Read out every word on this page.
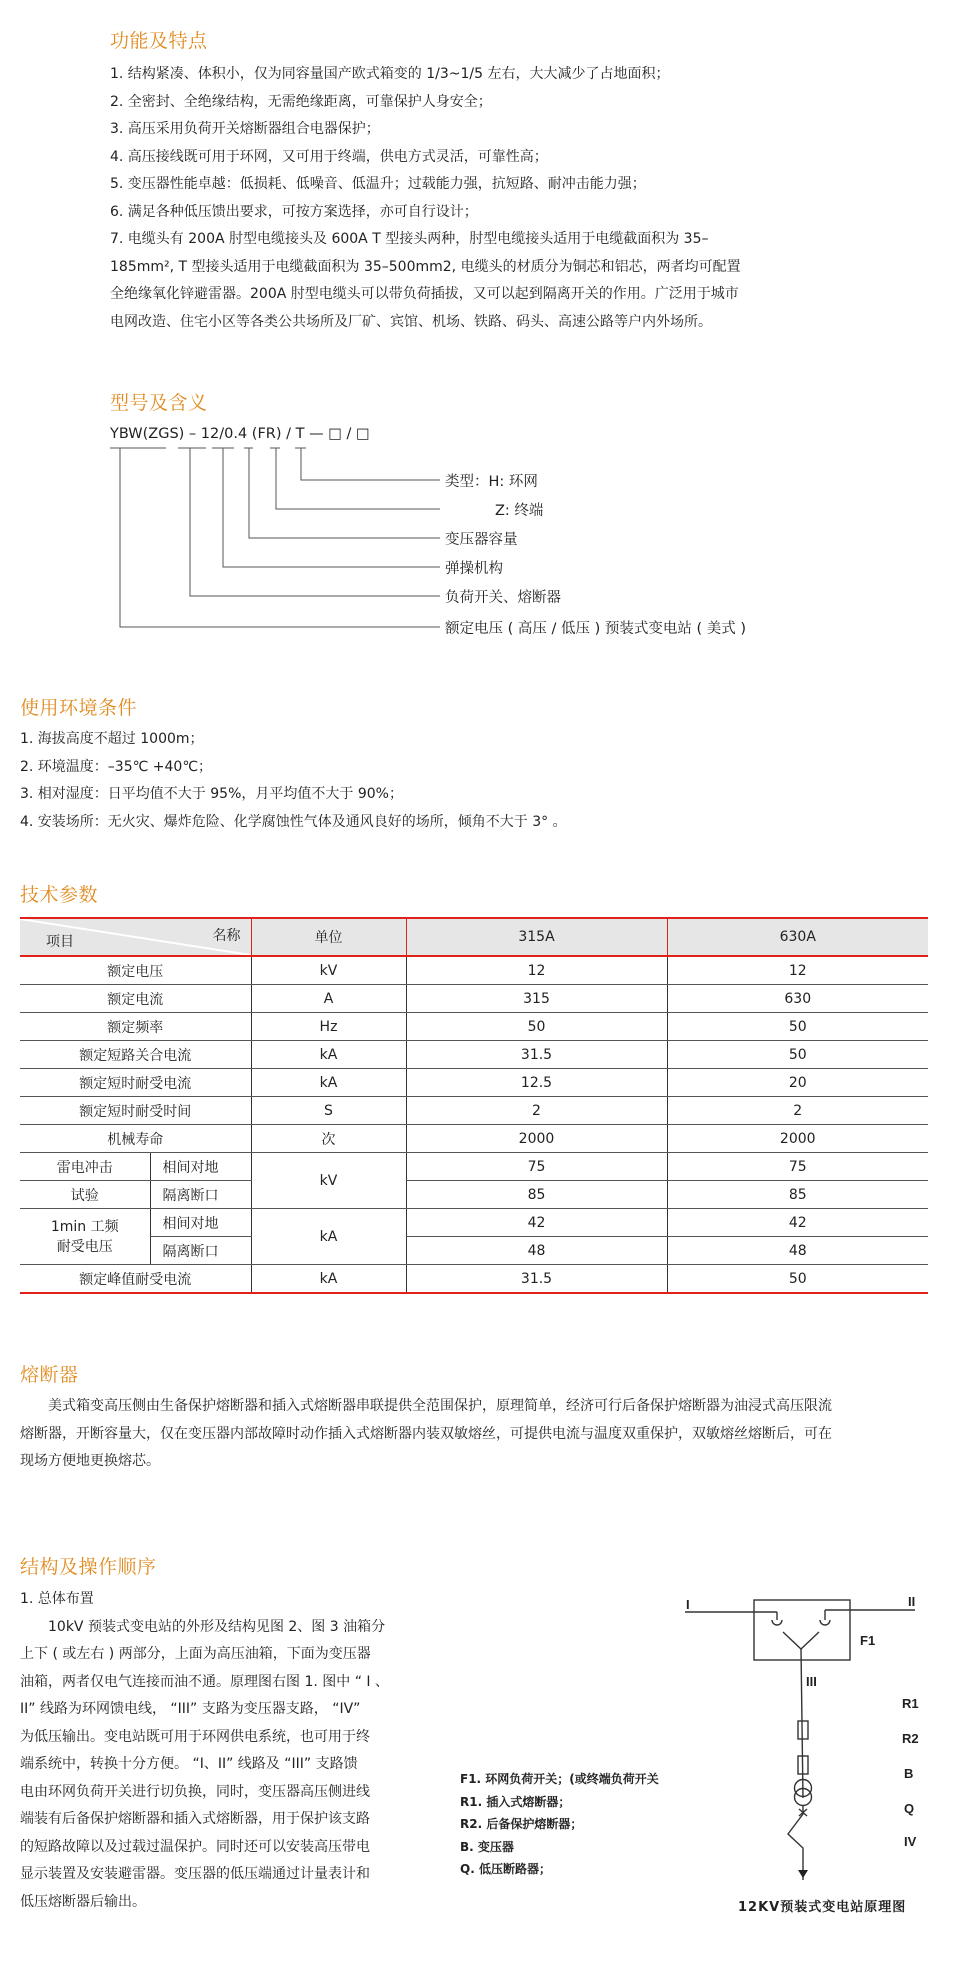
功能及特点
1. 结构紧凑、体积小，仅为同容量国产欧式箱变的 1/3~1/5 左右，大大减少了占地面积；
2. 全密封、全绝缘结构，无需绝缘距离，可靠保护人身安全；
3. 高压采用负荷开关熔断器组合电器保护；
4. 高压接线既可用于环网，又可用于终端，供电方式灵活，可靠性高；
5. 变压器性能卓越：低损耗、低噪音、低温升；过载能力强，抗短路、耐冲击能力强；
6. 满足各种低压馈出要求，可按方案选择，亦可自行设计；
7. 电缆头有 200A 肘型电缆接头及 600A T 型接头两种，肘型电缆接头适用于电缆截面积为 35–
185mm², T 型接头适用于电缆截面积为 35–500mm2, 电缆头的材质分为铜芯和铝芯，两者均可配置
全绝缘氧化锌避雷器。200A 肘型电缆头可以带负荷插拔，又可以起到隔离开关的作用。广泛用于城市
电网改造、住宅小区等各类公共场所及厂矿、宾馆、机场、铁路、码头、高速公路等户内外场所。
型号及含义
YBW(ZGS) – 12/0.4 (FR) / T — □ / □
类型：H: 环网
Z: 终端
变压器容量
弹操机构
负荷开关、熔断器
额定电压 ( 高压 / 低压 ) 预装式变电站 ( 美式 )
使用环境条件
1. 海拔高度不超过 1000m；
2. 环境温度：–35℃ +40℃；
3. 相对湿度：日平均值不大于 95%，月平均值不大于 90%；
4. 安装场所：无火灾、爆炸危险、化学腐蚀性气体及通风良好的场所，倾角不大于 3° 。
技术参数
项目 名称		单位	315A	630A
额定电压		kV	12	12
额定电流		A	315	630
额定频率		Hz	50	50
额定短路关合电流		kA	31.5	50
额定短时耐受电流		kA	12.5	20
额定短时耐受时间		S	2	2
机械寿命		次	2000	2000
雷电冲击	相间对地	kV	75	75
试验	隔离断口		85	85

1min 工频
耐受电压	相间对地	kA	42	42
	隔离断口		48	48
额定峰值耐受电流		kA	31.5	50
熔断器
美式箱变高压侧由生备保护熔断器和插入式熔断器串联提供全范围保护，原理简单，经济可行后备保护熔断器为油浸式高压限流
熔断器，开断容量大，仅在变压器内部故障时动作插入式熔断器内装双敏熔丝，可提供电流与温度双重保护，双敏熔丝熔断后，可在
现场方便地更换熔芯。
结构及操作顺序
1. 总体布置
10kV 预装式变电站的外形及结构见图 2、图 3 油箱分
上下 ( 或左右 ) 两部分，上面为高压油箱，下面为变压器
油箱，两者仅电气连接而油不通。原理图右图 1. 图中 “ I 、
II” 线路为环网馈电线， “III” 支路为变压器支路， “IV”
为低压输出。变电站既可用于环网供电系统，也可用于终
端系统中，转换十分方便。 “I、II” 线路及 “III” 支路馈
电由环网负荷开关进行切负换，同时，变压器高压侧进线
端装有后备保护熔断器和插入式熔断器，用于保护该支路
的短路故障以及过载过温保护。同时还可以安装高压带电
显示装置及安装避雷器。变压器的低压端通过计量表计和
低压熔断器后输出。
F1. 环网负荷开关；(或终端负荷开关
R1. 插入式熔断器；
R2. 后备保护熔断器；
B. 变压器
Q. 低压断路器；
I	II
F1
III
R1
R2
B
Q
IV
12KV预装式变电站原理图
